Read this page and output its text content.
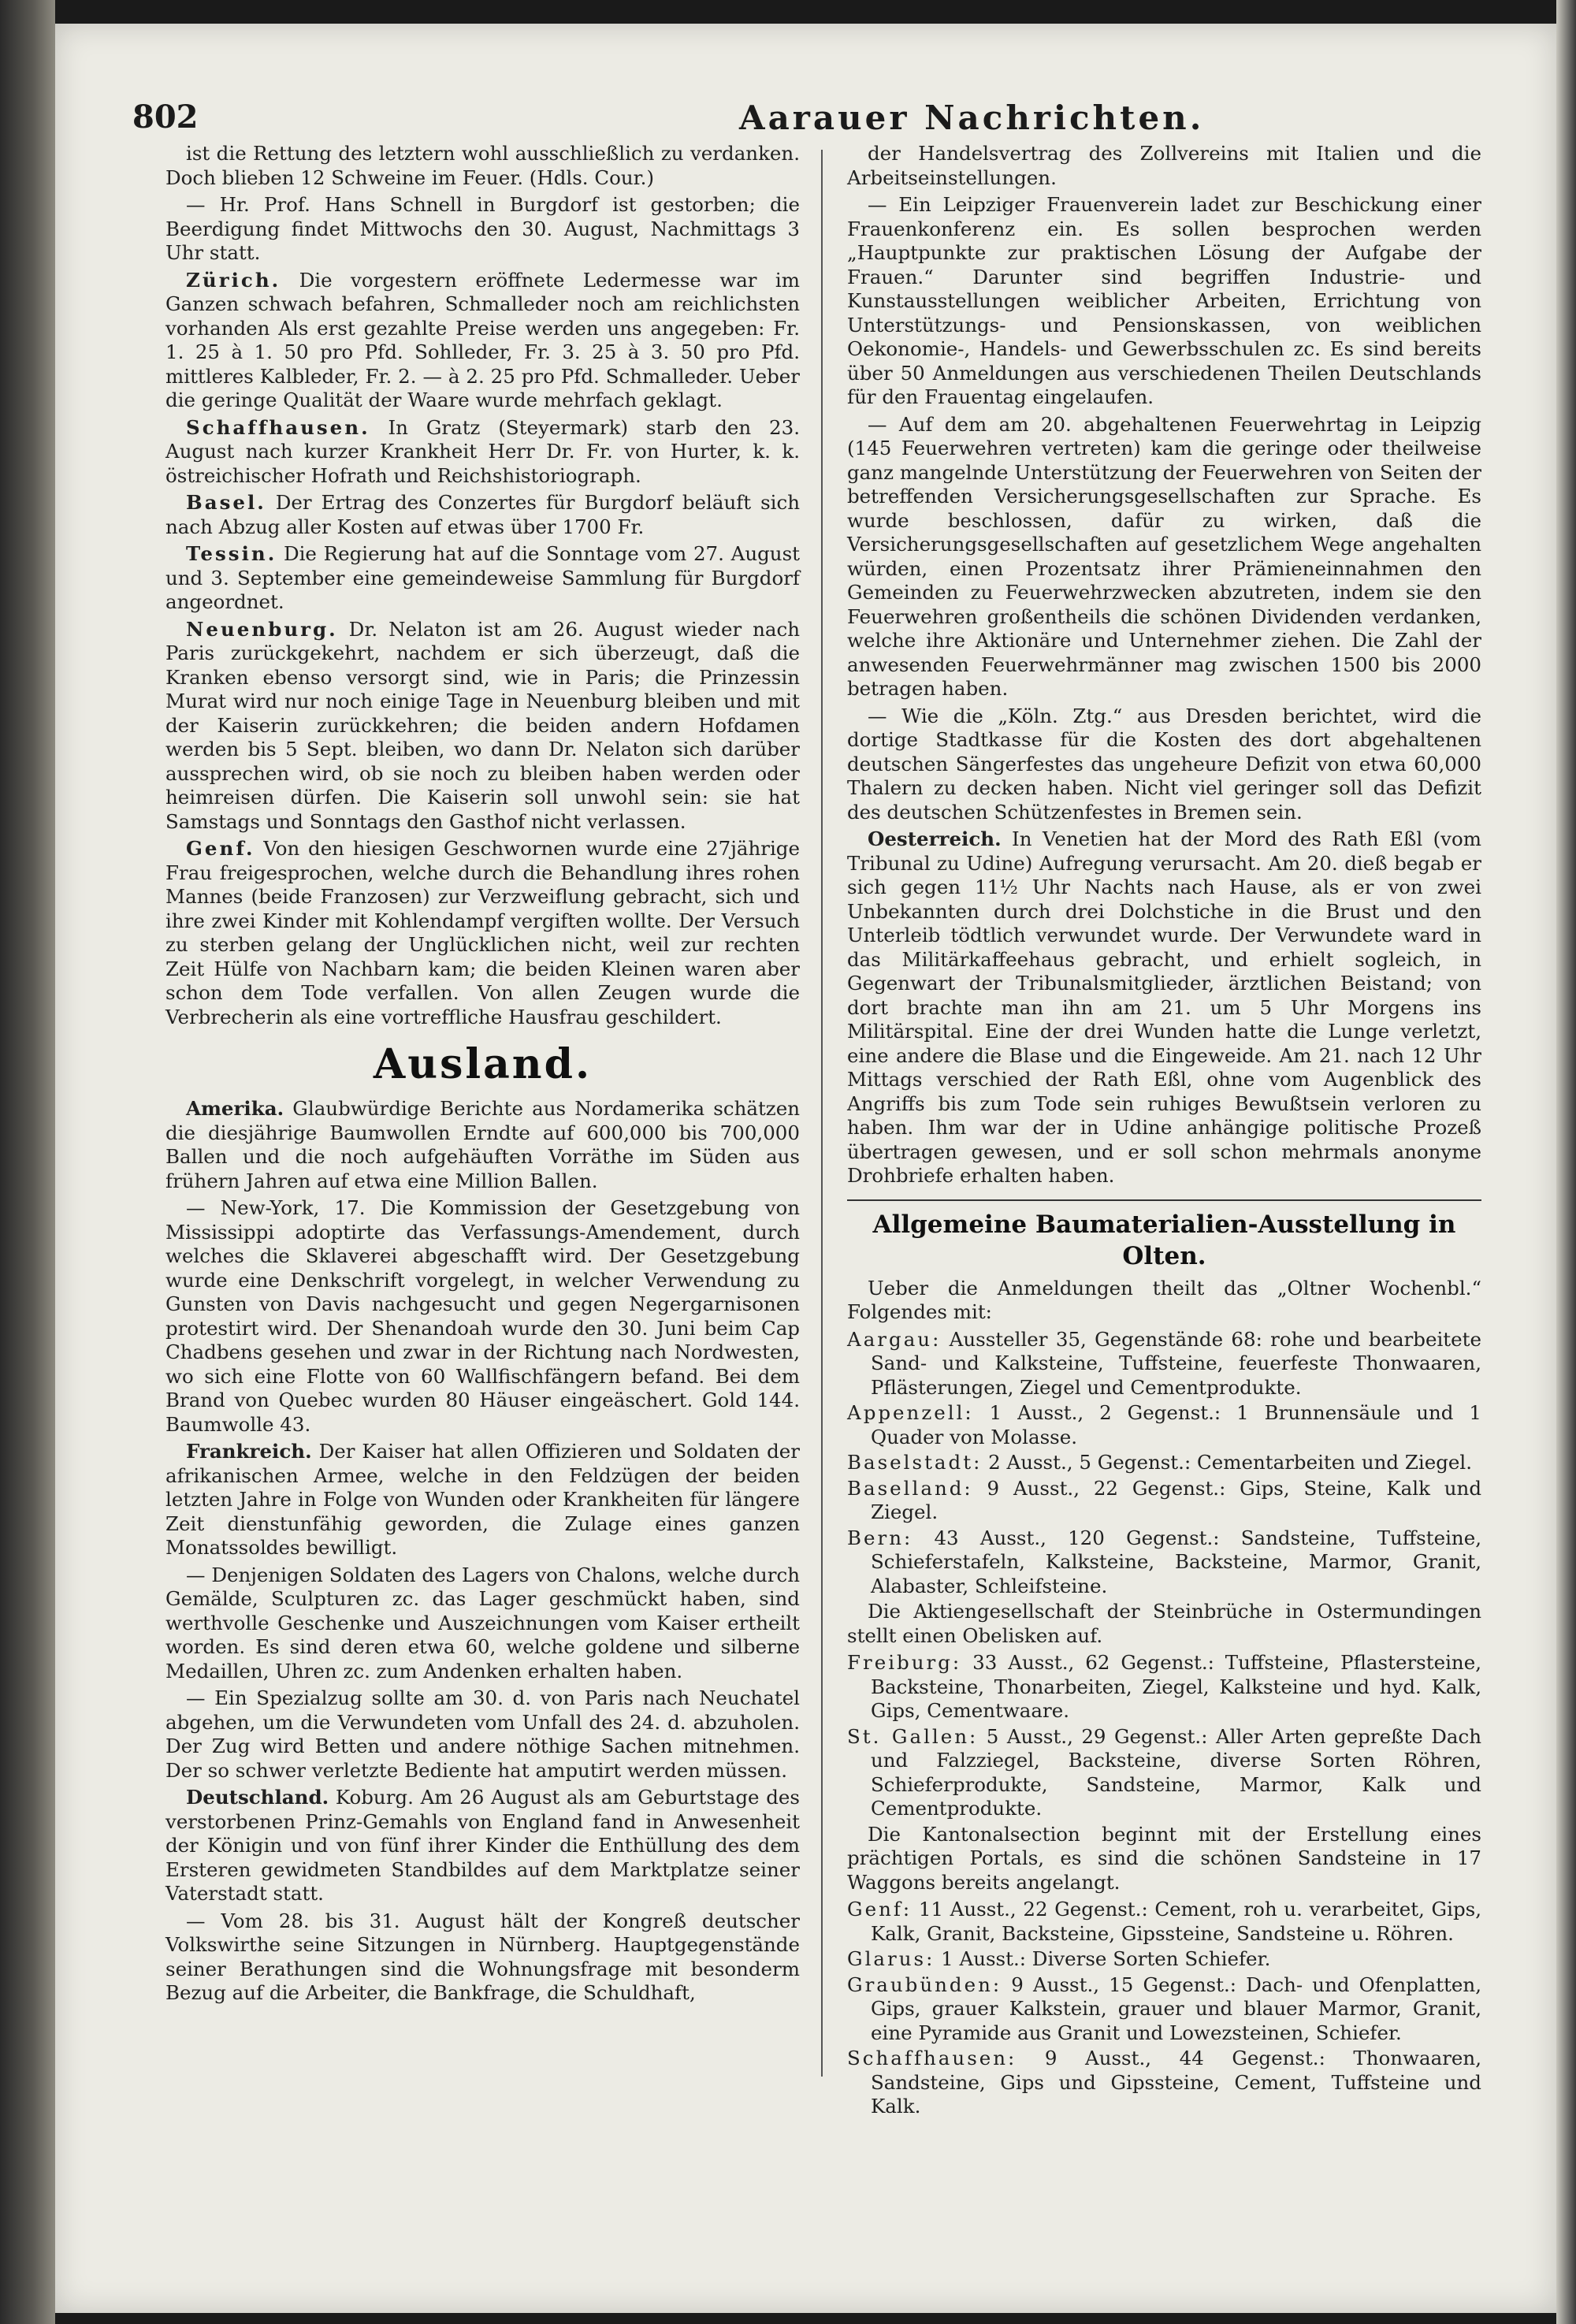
802	Aarauer Nachrichten.

ist die Rettung des letztern wohl ausschließlich zu verdanken. Doch blieben 12 Schweine im Feuer. (Hdls. Cour.)

— Hr. Prof. Hans Schnell in Burgdorf ist gestorben; die Beerdigung findet Mittwochs den 30. August, Nachmittags 3 Uhr statt.

Zürich. Die vorgestern eröffnete Ledermesse war im Ganzen schwach befahren, Schmalleder noch am reichlichsten vorhanden Als erst gezahlte Preise werden uns angegeben: Fr. 1. 25 à 1. 50 pro Pfd. Sohlleder, Fr. 3. 25 à 3. 50 pro Pfd. mittleres Kalbleder, Fr. 2. — à 2. 25 pro Pfd. Schmalleder. Ueber die geringe Qualität der Waare wurde mehrfach geklagt.

Schaffhausen. In Gratz (Steyermark) starb den 23. August nach kurzer Krankheit Herr Dr. Fr. von Hurter, k. k. östreichischer Hofrath und Reichshistoriograph.

Basel. Der Ertrag des Conzertes für Burgdorf beläuft sich nach Abzug aller Kosten auf etwas über 1700 Fr.

Tessin. Die Regierung hat auf die Sonntage vom 27. August und 3. September eine gemeindeweise Sammlung für Burgdorf angeordnet.

Neuenburg. Dr. Nelaton ist am 26. August wieder nach Paris zurückgekehrt, nachdem er sich überzeugt, daß die Kranken ebenso versorgt sind, wie in Paris; die Prinzessin Murat wird nur noch einige Tage in Neuenburg bleiben und mit der Kaiserin zurückkehren; die beiden andern Hofdamen werden bis 5 Sept. bleiben, wo dann Dr. Nelaton sich darüber aussprechen wird, ob sie noch zu bleiben haben werden oder heimreisen dürfen. Die Kaiserin soll unwohl sein: sie hat Samstags und Sonntags den Gasthof nicht verlassen.

Genf. Von den hiesigen Geschwornen wurde eine 27jährige Frau freigesprochen, welche durch die Behandlung ihres rohen Mannes (beide Franzosen) zur Verzweiflung gebracht, sich und ihre zwei Kinder mit Kohlendampf vergiften wollte. Der Versuch zu sterben gelang der Unglücklichen nicht, weil zur rechten Zeit Hülfe von Nachbarn kam; die beiden Kleinen waren aber schon dem Tode verfallen. Von allen Zeugen wurde die Verbrecherin als eine vortreffliche Hausfrau geschildert.

Ausland.

Amerika. Glaubwürdige Berichte aus Nordamerika schätzen die diesjährige Baumwollen Erndte auf 600,000 bis 700,000 Ballen und die noch aufgehäuften Vorräthe im Süden aus frühern Jahren auf etwa eine Million Ballen.

— New-York, 17. Die Kommission der Gesetzgebung von Mississippi adoptirte das Verfassungs-Amendement, durch welches die Sklaverei abgeschafft wird. Der Gesetzgebung wurde eine Denkschrift vorgelegt, in welcher Verwendung zu Gunsten von Davis nachgesucht und gegen Negergarnisonen protestirt wird. Der Shenandoah wurde den 30. Juni beim Cap Chadbens gesehen und zwar in der Richtung nach Nordwesten, wo sich eine Flotte von 60 Wallfischfängern befand. Bei dem Brand von Quebec wurden 80 Häuser eingeäschert. Gold 144. Baumwolle 43.

Frankreich. Der Kaiser hat allen Offizieren und Soldaten der afrikanischen Armee, welche in den Feldzügen der beiden letzten Jahre in Folge von Wunden oder Krankheiten für längere Zeit dienstunfähig geworden, die Zulage eines ganzen Monatssoldes bewilligt.

— Denjenigen Soldaten des Lagers von Chalons, welche durch Gemälde, Sculpturen zc. das Lager geschmückt haben, sind werthvolle Geschenke und Auszeichnungen vom Kaiser ertheilt worden. Es sind deren etwa 60, welche goldene und silberne Medaillen, Uhren zc. zum Andenken erhalten haben.

— Ein Spezialzug sollte am 30. d. von Paris nach Neuchatel abgehen, um die Verwundeten vom Unfall des 24. d. abzuholen. Der Zug wird Betten und andere nöthige Sachen mitnehmen. Der so schwer verletzte Bediente hat amputirt werden müssen.

Deutschland. Koburg. Am 26 August als am Geburtstage des verstorbenen Prinz-Gemahls von England fand in Anwesenheit der Königin und von fünf ihrer Kinder die Enthüllung des dem Ersteren gewidmeten Standbildes auf dem Marktplatze seiner Vaterstadt statt.

— Vom 28. bis 31. August hält der Kongreß deutscher Volkswirthe seine Sitzungen in Nürnberg. Hauptgegenstände seiner Berathungen sind die Wohnungsfrage mit besonderm Bezug auf die Arbeiter, die Bankfrage, die Schuldhaft,

der Handelsvertrag des Zollvereins mit Italien und die Arbeitseinstellungen.

— Ein Leipziger Frauenverein ladet zur Beschickung einer Frauenkonferenz ein. Es sollen besprochen werden „Hauptpunkte zur praktischen Lösung der Aufgabe der Frauen.“ Darunter sind begriffen Industrie- und Kunstausstellungen weiblicher Arbeiten, Errichtung von Unterstützungs- und Pensionskassen, von weiblichen Oekonomie-, Handels- und Gewerbsschulen zc. Es sind bereits über 50 Anmeldungen aus verschiedenen Theilen Deutschlands für den Frauentag eingelaufen.

— Auf dem am 20. abgehaltenen Feuerwehrtag in Leipzig (145 Feuerwehren vertreten) kam die geringe oder theilweise ganz mangelnde Unterstützung der Feuerwehren von Seiten der betreffenden Versicherungsgesellschaften zur Sprache. Es wurde beschlossen, dafür zu wirken, daß die Versicherungsgesellschaften auf gesetzlichem Wege angehalten würden, einen Prozentsatz ihrer Prämieneinnahmen den Gemeinden zu Feuerwehrzwecken abzutreten, indem sie den Feuerwehren großentheils die schönen Dividenden verdanken, welche ihre Aktionäre und Unternehmer ziehen. Die Zahl der anwesenden Feuerwehrmänner mag zwischen 1500 bis 2000 betragen haben.

— Wie die „Köln. Ztg.“ aus Dresden berichtet, wird die dortige Stadtkasse für die Kosten des dort abgehaltenen deutschen Sängerfestes das ungeheure Defizit von etwa 60,000 Thalern zu decken haben. Nicht viel geringer soll das Defizit des deutschen Schützenfestes in Bremen sein.

Oesterreich. In Venetien hat der Mord des Rath Eßl (vom Tribunal zu Udine) Aufregung verursacht. Am 20. dieß begab er sich gegen 11½ Uhr Nachts nach Hause, als er von zwei Unbekannten durch drei Dolchstiche in die Brust und den Unterleib tödtlich verwundet wurde. Der Verwundete ward in das Militärkaffeehaus gebracht, und erhielt sogleich, in Gegenwart der Tribunalsmitglieder, ärztlichen Beistand; von dort brachte man ihn am 21. um 5 Uhr Morgens ins Militärspital. Eine der drei Wunden hatte die Lunge verletzt, eine andere die Blase und die Eingeweide. Am 21. nach 12 Uhr Mittags verschied der Rath Eßl, ohne vom Augenblick des Angriffs bis zum Tode sein ruhiges Bewußtsein verloren zu haben. Ihm war der in Udine anhängige politische Prozeß übertragen gewesen, und er soll schon mehrmals anonyme Drohbriefe erhalten haben.

Allgemeine Baumaterialien-Ausstellung in Olten.

Ueber die Anmeldungen theilt das „Oltner Wochenbl.“ Folgendes mit:

Aargau: Aussteller 35, Gegenstände 68: rohe und bearbeitete Sand- und Kalksteine, Tuffsteine, feuerfeste Thonwaaren, Pflästerungen, Ziegel und Cementprodukte.

Appenzell: 1 Ausst., 2 Gegenst.: 1 Brunnensäule und 1 Quader von Molasse.

Baselstadt: 2 Ausst., 5 Gegenst.: Cementarbeiten und Ziegel.

Baselland: 9 Ausst., 22 Gegenst.: Gips, Steine, Kalk und Ziegel.

Bern: 43 Ausst., 120 Gegenst.: Sandsteine, Tuffsteine, Schieferstafeln, Kalksteine, Backsteine, Marmor, Granit, Alabaster, Schleifsteine.

Die Aktiengesellschaft der Steinbrüche in Ostermundingen stellt einen Obelisken auf.

Freiburg: 33 Ausst., 62 Gegenst.: Tuffsteine, Pflastersteine, Backsteine, Thonarbeiten, Ziegel, Kalksteine und hyd. Kalk, Gips, Cementwaare.

St. Gallen: 5 Ausst., 29 Gegenst.: Aller Arten gepreßte Dach und Falzziegel, Backsteine, diverse Sorten Röhren, Schieferprodukte, Sandsteine, Marmor, Kalk und Cementprodukte.

Die Kantonalsection beginnt mit der Erstellung eines prächtigen Portals, es sind die schönen Sandsteine in 17 Waggons bereits angelangt.

Genf: 11 Ausst., 22 Gegenst.: Cement, roh u. verarbeitet, Gips, Kalk, Granit, Backsteine, Gipssteine, Sandsteine u. Röhren.

Glarus: 1 Ausst.: Diverse Sorten Schiefer.

Graubünden: 9 Ausst., 15 Gegenst.: Dach- und Ofenplatten, Gips, grauer Kalkstein, grauer und blauer Marmor, Granit, eine Pyramide aus Granit und Lowezsteinen, Schiefer.

Schaffhausen: 9 Ausst., 44 Gegenst.: Thonwaaren, Sandsteine, Gips und Gipssteine, Cement, Tuffsteine und Kalk.
